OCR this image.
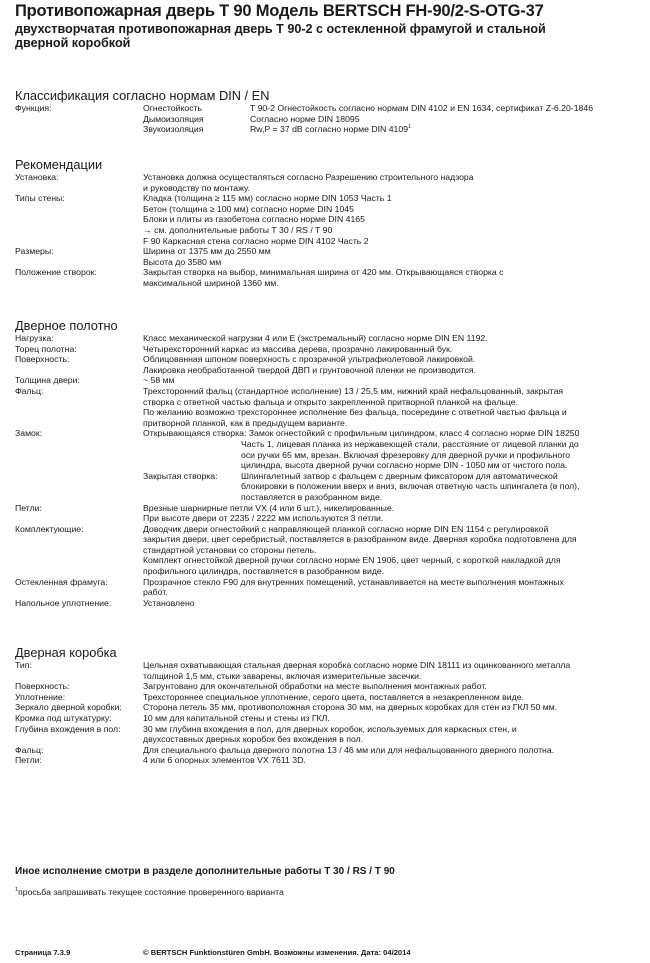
Противопожарная дверь T 90 Модель BERTSCH FH-90/2-S-OTG-37
двухстворчатая противопожарная дверь T 90-2 с остекленной фрамугой и стальной дверной коробкой
Классификация согласно нормам DIN / EN
Функция:	Огнестойкость	T 90-2 Огнестойкость согласно нормам DIN 4102 и EN 1634, сертификат Z-6.20-1846
Дымоизоляция	Согласно норме DIN 18095
Звукоизоляция	Rw,P = 37 dB согласно норме DIN 4109$^1$
Рекомендации
Установка:	Установка должна осуществляться согласно Разрешению строительного надзора

и руководству по монтажу.

Типы стены:	Кладка (толщина ≥ 115 мм) согласно норме DIN 1053 Часть 1

Бетон (толщина ≥ 100 мм) согласно норме DIN 1045

Блоки и плиты из газобетона согласно норме DIN 4165

→ см. дополнительные работы T 30 / RS / T 90

F 90 Каркасная стена согласно норме DIN 4102 Часть 2

Размеры:	Ширина от 1375 мм до 2550 мм

Высота до 3580 мм

Положение створок:	Закрытая створка на выбор, минимальная ширина от 420 мм. Открывающаяся створка с

максимальной шириной 1360 мм.

Дверное полотно
Нагрузка:	Класс механической нагрузки 4 или E (экстремальный) согласно норме DIN EN 1192.

Торец полотна:	Четырехсторонний каркас из массива дерева, прозрачно лакированный бук.

Поверхность:	Облицованная шпоном поверхность с прозрачной ультрафиолетовой лакировкой.

Лакировка необработанной твердой ДВП и грунтовочной пленки не производится.

Толщина двери:	~ 58 мм

Фальц:	Трехсторонний фальц (стандартное исполнение) 13 / 25,5 мм, нижний край нефальцованный, закрытая

створка с ответной частью фальца и открыто закрепленной притворной планкой на фальце.

По желанию возможно трехстороннее исполнение без фальца, посередине с ответной частью фальца и

притворной планкой, как в предыдущем варианте.

Замок:	Открывающаяся створка: Замок огнестойкий с профильным цилиндром, класс 4 согласно норме DIN 18250

Часть 1, лицевая планка из нержавеющей стали, расстояние от лицевой планки до

оси ручки 65 мм, врезан. Включая фрезеровку для дверной ручки и профильного

цилиндра, высота дверной ручки согласно норме DIN - 1050 мм от чистого пола.

Закрытая створка:	Шпингалетный затвор с фальцем с дверным фиксатором для автоматической

блокировки в положении вверх и вниз, включая ответную часть шпингалета (в пол),

поставляется в разобранном виде.

Петли:	Врезные шарнирные петли VX (4 или 6 шт.), никелированные.

При высоте двери от 2235 / 2222 мм используются 3 петли.

Комплектующие:	Доводчик двери огнестойкий с направляющей планкой согласно норме DIN EN 1154 с регулировкой

закрытия двери, цвет серебристый, поставляется в разобранном виде. Дверная коробка подготовлена для

стандартной установки со стороны петель.

Комплект огнестойкой дверной ручки согласно норме EN 1906, цвет черный, с короткой накладкой для

профильного цилиндра, поставляется в разобранном виде.

Остекленная фрамуга:	Прозрачное стекло F90 для внутренних помещений, устанавливается на месте выполнения монтажных

работ.

Напольное уплотнение:	Установлено

Дверная коробка
Тип:	Цельная охватывающая стальная дверная коробка согласно норме DIN 18111 из оцинкованного металла

толщиной 1,5 мм, стыки заварены, включая измерительные засечки.

Поверхность:	Загрунтовано для окончательной обработки на месте выполнения монтажных работ.

Уплотнение:	Трехстороннее специальное уплотнение, серого цвета, поставляется в незакрепленном виде.

Зеркало дверной коробки:	Сторона петель 35 мм, противоположная сторона 30 мм, на дверных коробках для стен из ГКЛ 50 мм.

Кромка под штукатурку:	10 мм для капитальной стены и стены из ГКЛ.

Глубина вхождения в пол:	30 мм глубина вхождения в пол, для дверных коробок, используемых для каркасных стен, и

двухсоставных дверных коробок без вхождения в пол.

Фальц:	Для специального фальца дверного полотна 13 / 46 мм или для нефальцованного дверного полотна.

Петли:	4 или 6 опорных элементов VX 7611 3D.

Иное исполнение смотри в разделе дополнительные работы T 30 / RS / T 90
$^1$просьба запрашивать текущее состояние проверенного варианта
Страница 7.3.9	© BERTSCH Funktionstüren GmbH. Возможны изменения. Дата: 04/2014
